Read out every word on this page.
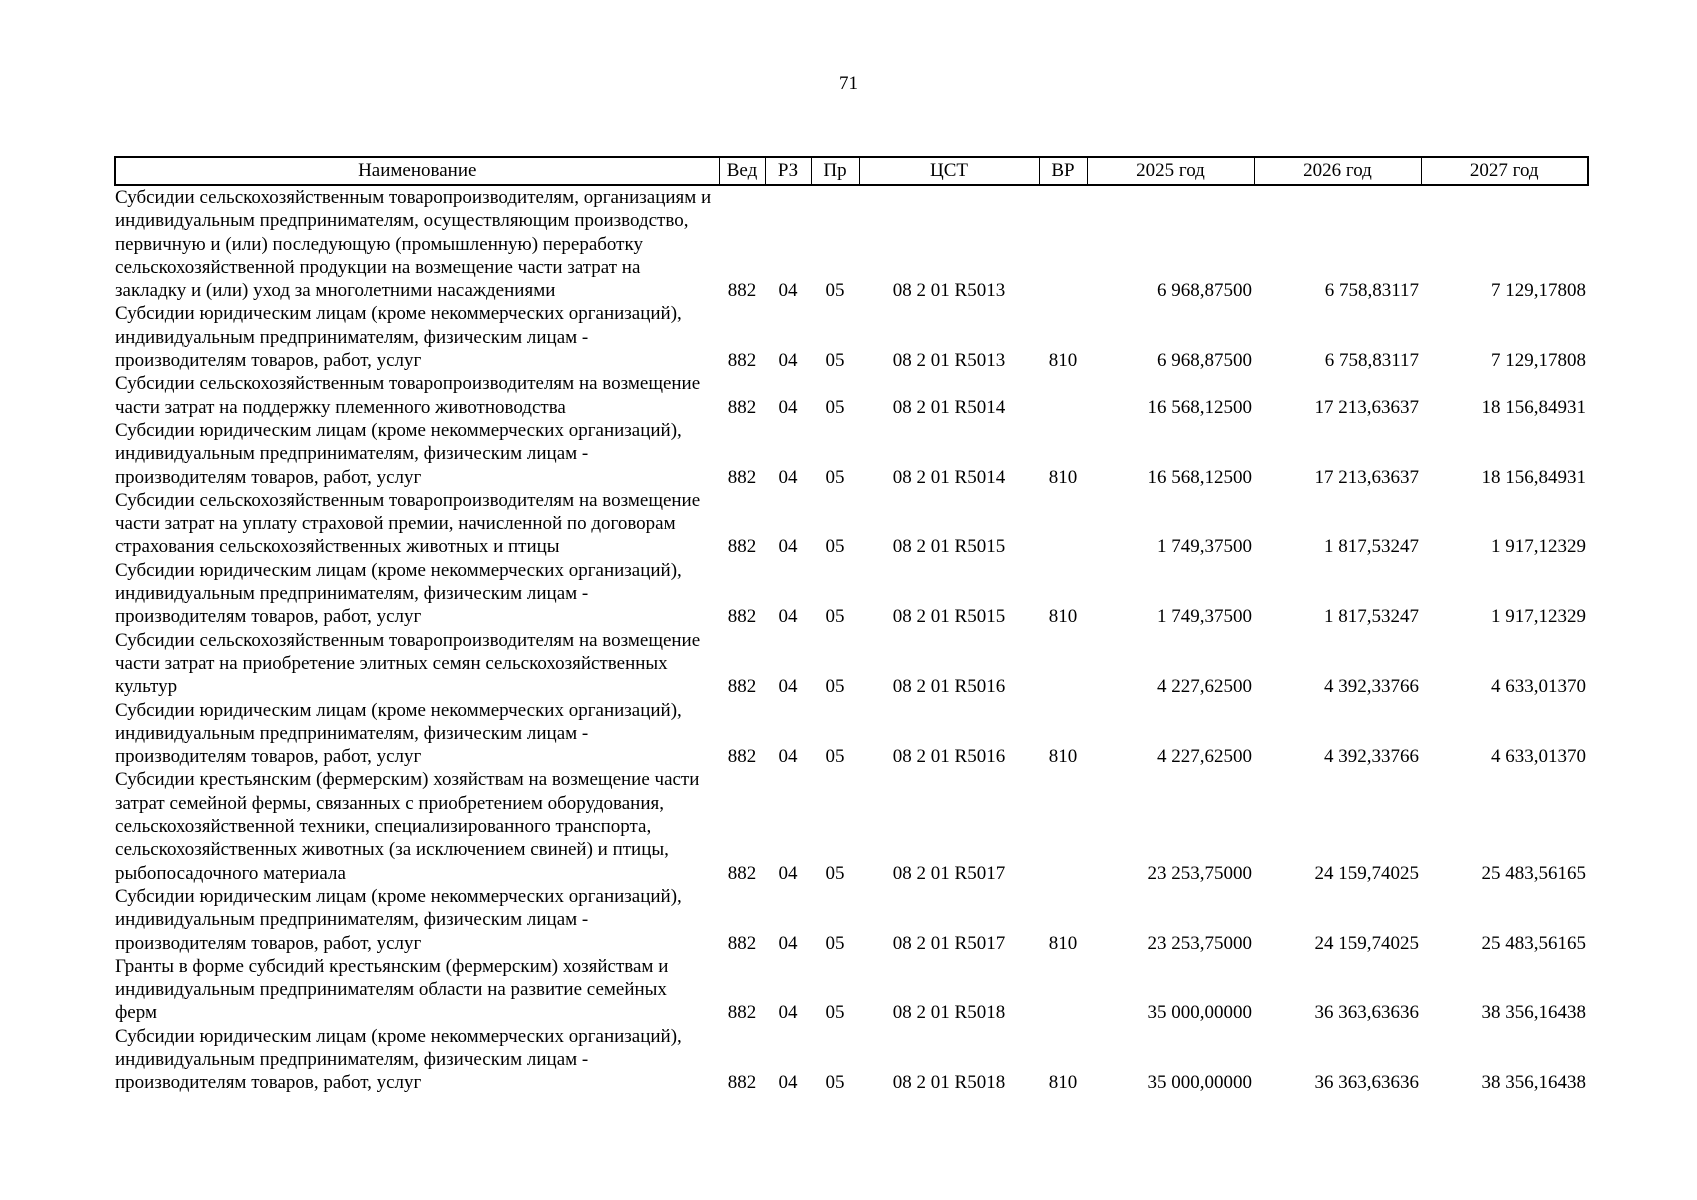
71
Наименование	Вед	РЗ	Пр	ЦСТ	ВР	2025 год	2026 год	2027 год
Субсидии сельскохозяйственным товаропроизводителям, организациям и индивидуальным предпринимателям, осуществляющим производство, первичную и (или) последующую (промышленную) переработку сельскохозяйственной продукции на возмещение части затрат на закладку и (или) уход за многолетними насаждениями	882	04	05	08 2 01 R5013		6 968,87500	6 758,83117	7 129,17808
Субсидии юридическим лицам (кроме некоммерческих организаций), индивидуальным предпринимателям, физическим лицам - производителям товаров, работ, услуг	882	04	05	08 2 01 R5013	810	6 968,87500	6 758,83117	7 129,17808
Субсидии сельскохозяйственным товаропроизводителям на возмещение части затрат на поддержку племенного животноводства	882	04	05	08 2 01 R5014		16 568,12500	17 213,63637	18 156,84931
Субсидии юридическим лицам (кроме некоммерческих организаций), индивидуальным предпринимателям, физическим лицам - производителям товаров, работ, услуг	882	04	05	08 2 01 R5014	810	16 568,12500	17 213,63637	18 156,84931
Субсидии сельскохозяйственным товаропроизводителям на возмещение части затрат на уплату страховой премии, начисленной по договорам страхования сельскохозяйственных животных и птицы	882	04	05	08 2 01 R5015		1 749,37500	1 817,53247	1 917,12329
Субсидии юридическим лицам (кроме некоммерческих организаций), индивидуальным предпринимателям, физическим лицам - производителям товаров, работ, услуг	882	04	05	08 2 01 R5015	810	1 749,37500	1 817,53247	1 917,12329
Субсидии сельскохозяйственным товаропроизводителям на возмещение части затрат на приобретение элитных семян сельскохозяйственных культур	882	04	05	08 2 01 R5016		4 227,62500	4 392,33766	4 633,01370
Субсидии юридическим лицам (кроме некоммерческих организаций), индивидуальным предпринимателям, физическим лицам - производителям товаров, работ, услуг	882	04	05	08 2 01 R5016	810	4 227,62500	4 392,33766	4 633,01370
Субсидии крестьянским (фермерским) хозяйствам на возмещение части затрат семейной фермы, связанных с приобретением оборудования, сельскохозяйственной техники, специализированного транспорта, сельскохозяйственных животных (за исключением свиней) и птицы, рыбопосадочного материала	882	04	05	08 2 01 R5017		23 253,75000	24 159,74025	25 483,56165
Субсидии юридическим лицам (кроме некоммерческих организаций), индивидуальным предпринимателям, физическим лицам - производителям товаров, работ, услуг	882	04	05	08 2 01 R5017	810	23 253,75000	24 159,74025	25 483,56165
Гранты в форме субсидий крестьянским (фермерским) хозяйствам и индивидуальным предпринимателям области на развитие семейных ферм	882	04	05	08 2 01 R5018		35 000,00000	36 363,63636	38 356,16438
Субсидии юридическим лицам (кроме некоммерческих организаций), индивидуальным предпринимателям, физическим лицам - производителям товаров, работ, услуг	882	04	05	08 2 01 R5018	810	35 000,00000	36 363,63636	38 356,16438
